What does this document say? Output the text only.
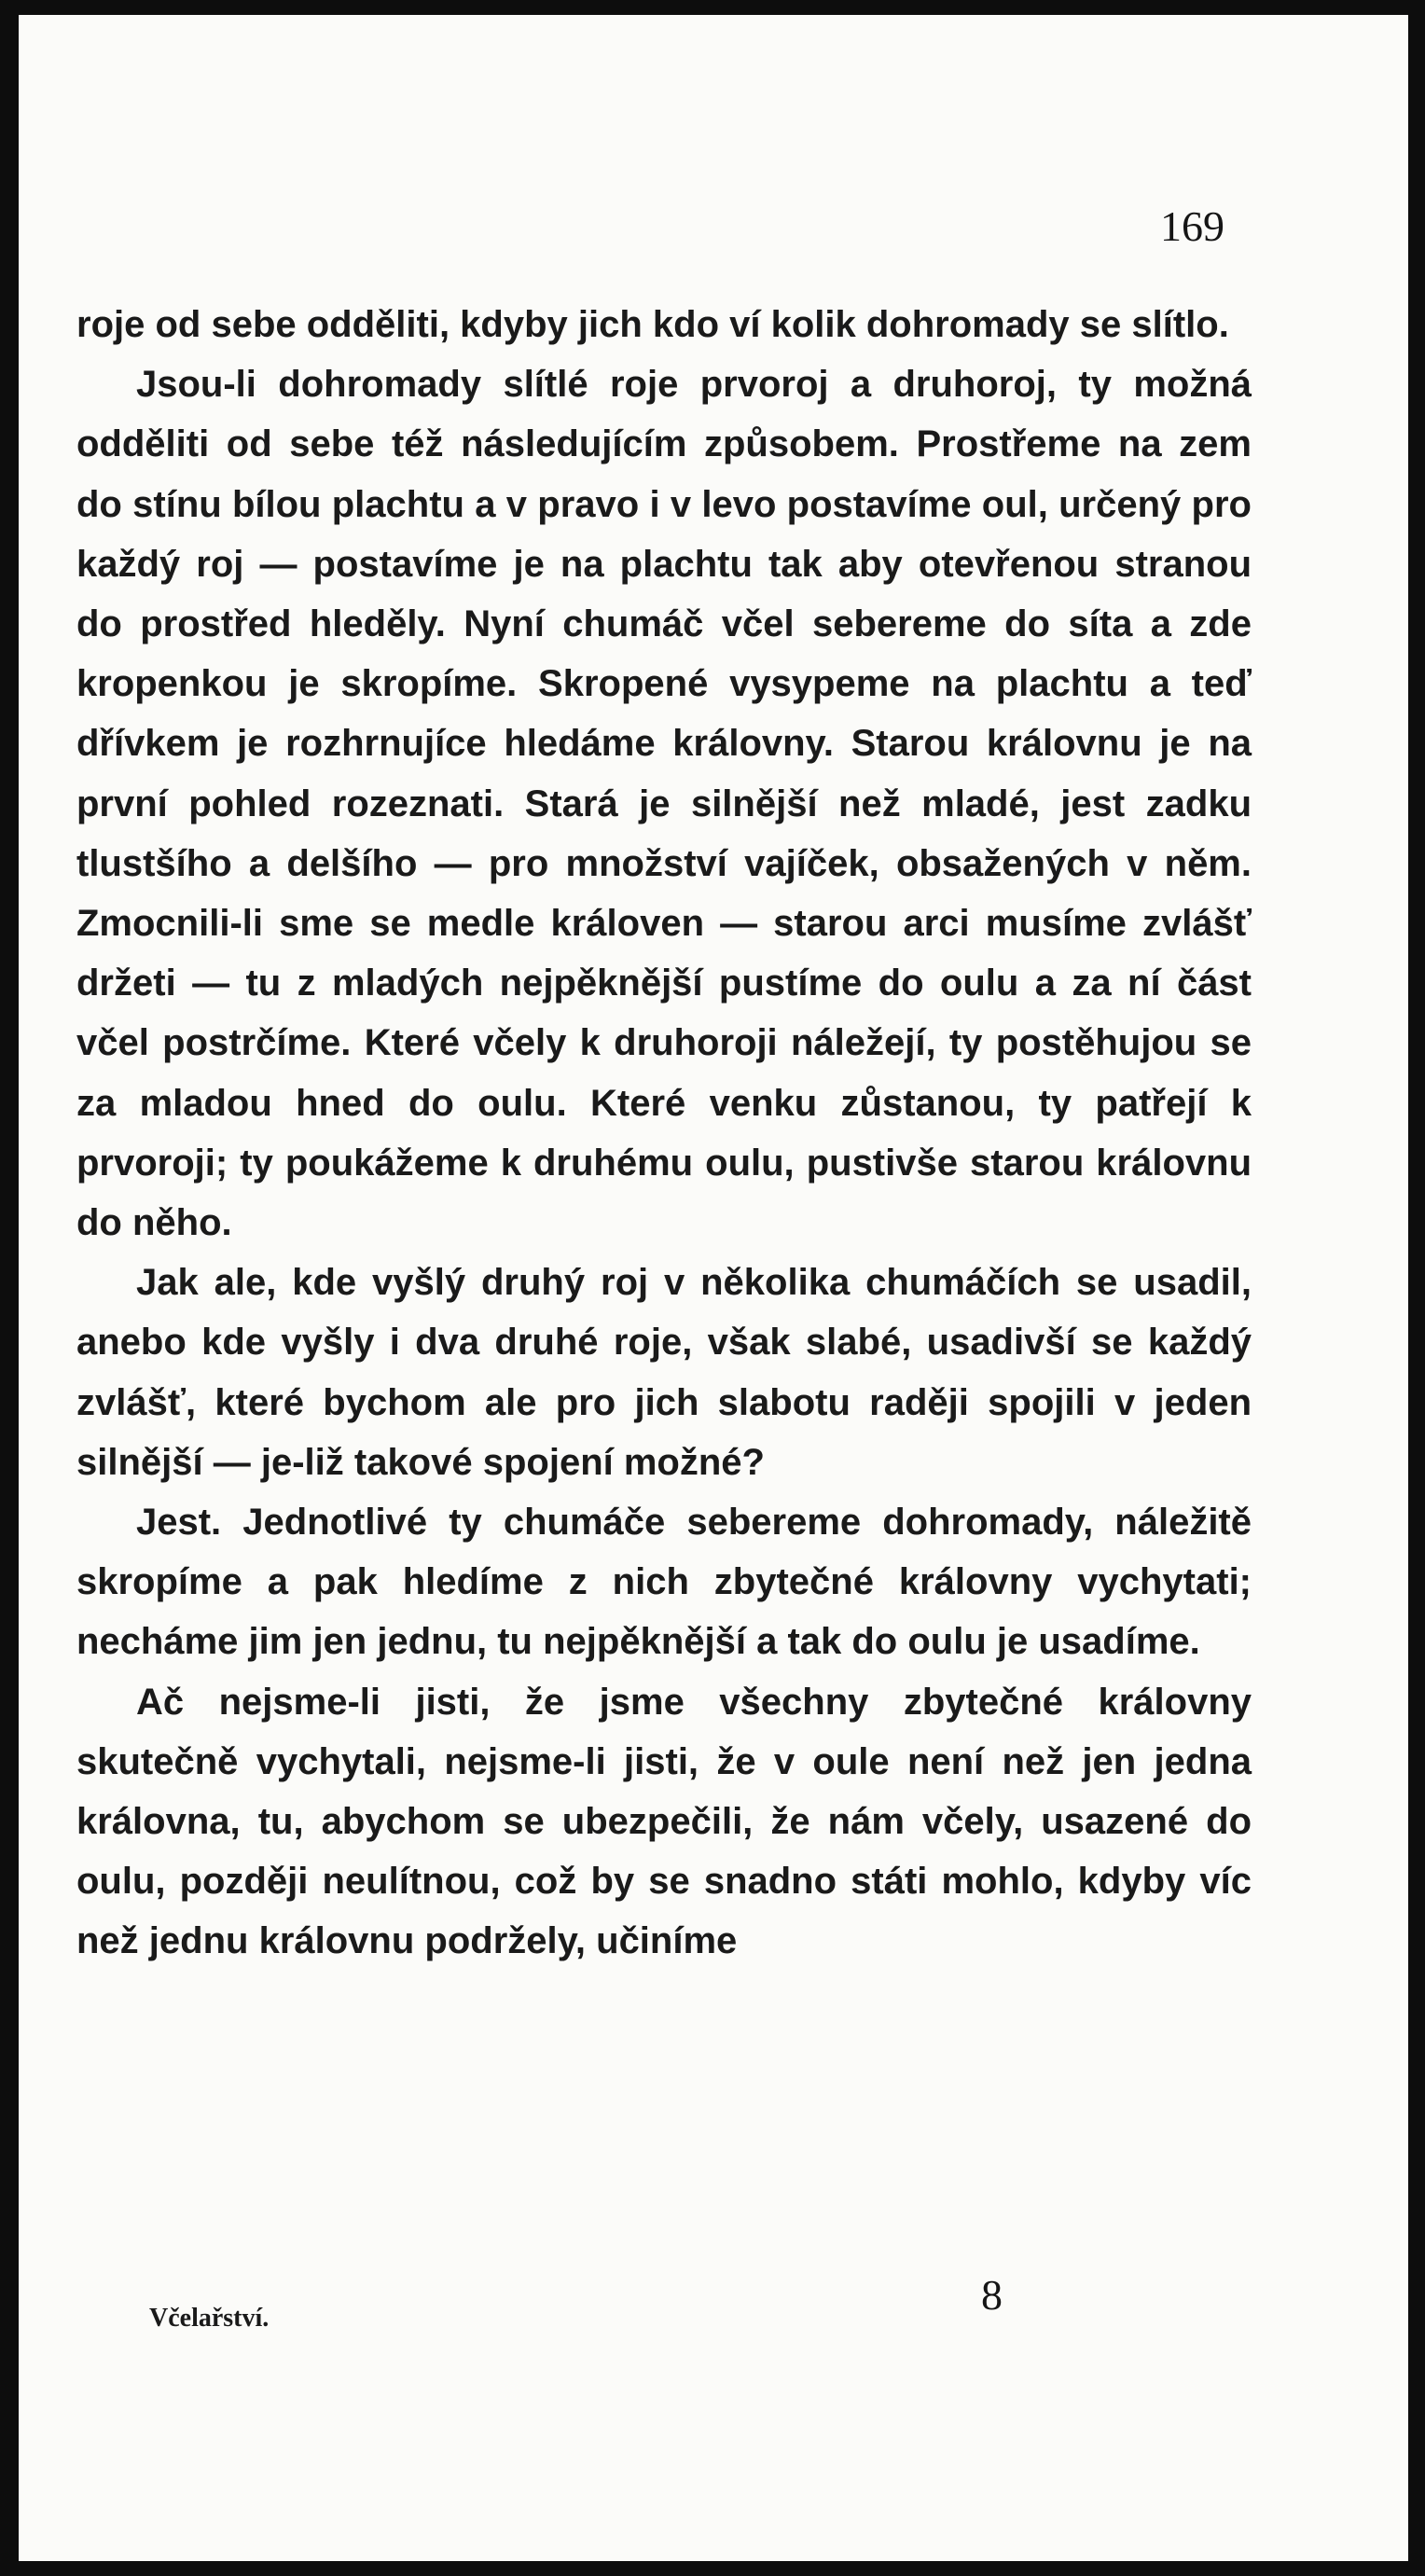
169

roje od sebe odděliti, kdyby jich kdo ví kolik dohromady se slítlo.

Jsou-li dohromady slítlé roje prvoroj a druhoroj, ty možná odděliti od sebe též následujícím způsobem. Prostřeme na zem do stínu bílou plachtu a v pravo i v levo postavíme oul, určený pro každý roj — postavíme je na plachtu tak aby otevřenou stranou do prostřed hleděly. Nyní chumáč včel sebereme do síta a zde kropenkou je skropíme. Skropené vysypeme na plachtu a teď dřívkem je rozhrnujíce hledáme královny. Starou královnu je na první pohled rozeznati. Stará je silnější než mladé, jest zadku tlustšího a delšího — pro množství vajíček, obsažených v něm. Zmocnili-li sme se medle královen — starou arci musíme zvlášť držeti — tu z mladých nejpěknější pustíme do oulu a za ní část včel postrčíme. Které včely k druhoroji náležejí, ty postěhujou se za mladou hned do oulu. Které venku zůstanou, ty patřejí k prvoroji; ty poukážeme k druhému oulu, pustivše starou královnu do něho.

Jak ale, kde vyšlý druhý roj v několika chumáčích se usadil, anebo kde vyšly i dva druhé roje, však slabé, usadivší se každý zvlášť, které bychom ale pro jich slabotu raději spojili v jeden silnější — je-liž takové spojení možné?

Jest. Jednotlivé ty chumáče sebereme dohromady, náležitě skropíme a pak hledíme z nich zbytečné královny vychytati; necháme jim jen jednu, tu nejpěknější a tak do oulu je usadíme.

Ač nejsme-li jisti, že jsme všechny zbytečné královny skutečně vychytali, nejsme-li jisti, že v oule není než jen jedna královna, tu, abychom se ubezpečili, že nám včely, usazené do oulu, později neulítnou, což by se snadno státi mohlo, kdyby víc než jednu královnu podržely, učiníme

Včelařství.	8
